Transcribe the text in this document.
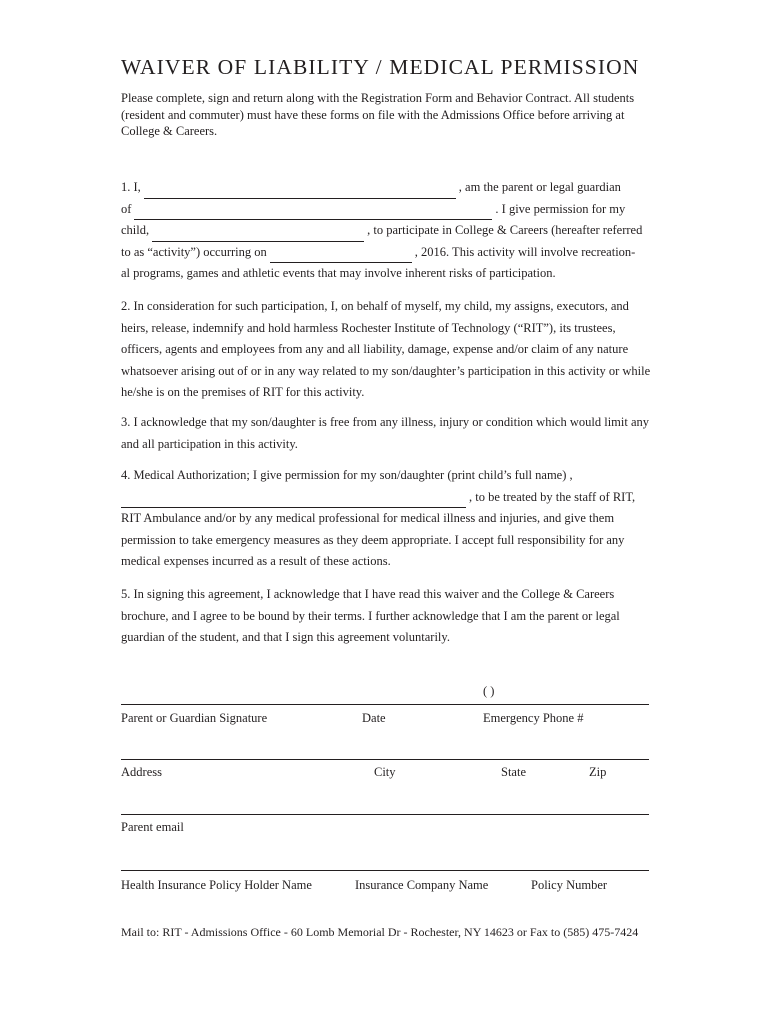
WAIVER OF LIABILITY / MEDICAL PERMISSION
Please complete, sign and return along with the Registration Form and Behavior Contract. All students (resident and commuter) must have these forms on file with the Admissions Office before arriving at College & Careers.
1. I,	, am the parent or legal guardian
of	. I give permission for my
child,	, to participate in College & Careers (hereafter referred
to as “activity”) occurring on	, 2016. This activity will involve recreation-
al programs, games and athletic events that may involve inherent risks of participation.
2. In consideration for such participation, I, on behalf of myself, my child, my assigns, executors, and heirs, release, indemnify and hold harmless Rochester Institute of Technology (“RIT”), its trustees, officers, agents and employees from any and all liability, damage, expense and/or claim of any nature whatsoever arising out of or in any way related to my son/daughter’s participation in this activity or while he/she is on the premises of RIT for this activity.
3. I acknowledge that my son/daughter is free from any illness, injury or condition which would limit any and all participation in this activity.
4. Medical Authorization; I give permission for my son/daughter (print child’s full name) ,
, to be treated by the staff of RIT,
RIT Ambulance and/or by any medical professional for medical illness and injuries, and give them permission to take emergency measures as they deem appropriate. I accept full responsibility for any medical expenses incurred as a result of these actions.
5. In signing this agreement, I acknowledge that I have read this waiver and the College & Careers brochure, and I agree to be bound by their terms. I further acknowledge that I am the parent or legal guardian of the student, and that I sign this agreement voluntarily.
( )
Parent or Guardian Signature	Date	Emergency Phone #
Address	City	State	Zip
Parent email
Health Insurance Policy Holder Name	Insurance Company Name	Policy Number
Mail to: RIT - Admissions Office - 60 Lomb Memorial Dr - Rochester, NY 14623 or Fax to (585) 475-7424
